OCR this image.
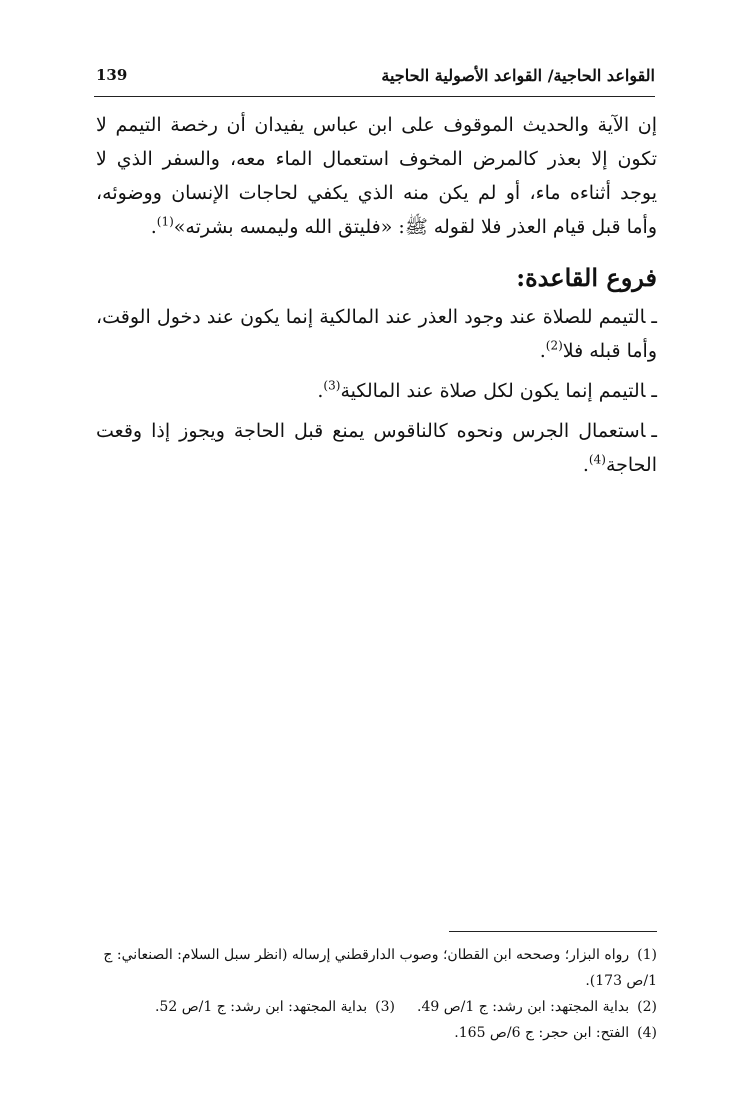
القواعد الحاجية/ القواعد الأصولية الحاجية
139

إن الآية والحديث الموقوف على ابن عباس يفيدان أن رخصة التيمم لا تكون إلا بعذر كالمرض المخوف استعمال الماء معه، والسفر الذي لا يوجد أثناءه ماء، أو لم يكن منه الذي يكفي لحاجات الإنسان ووضوئه، وأما قبل قيام العذر فلا لقوله ﷺ: «فليتق الله وليمسه بشرته»$^{(1)}$.

فروع القاعدة:

ـالتيمم للصلاة عند وجود العذر عند المالكية إنما يكون عند دخول الوقت، وأما قبله فلا$^{(2)}$.

ـالتيمم إنما يكون لكل صلاة عند المالكية$^{(3)}$.

ـاستعمال الجرس ونحوه كالناقوس يمنع قبل الحاجة ويجوز إذا وقعت الحاجة$^{(4)}$.

(1)رواه البزار؛ وصححه ابن القطان؛ وصوب الدارقطني إرساله (انظر سبل السلام: الصنعاني: ج 1/ص 173).

(2)بداية المجتهد: ابن رشد: ج 1/ص 49.(3)بداية المجتهد: ابن رشد: ج 1/ص 52.

(4)الفتح: ابن حجر: ج 6/ص 165.
